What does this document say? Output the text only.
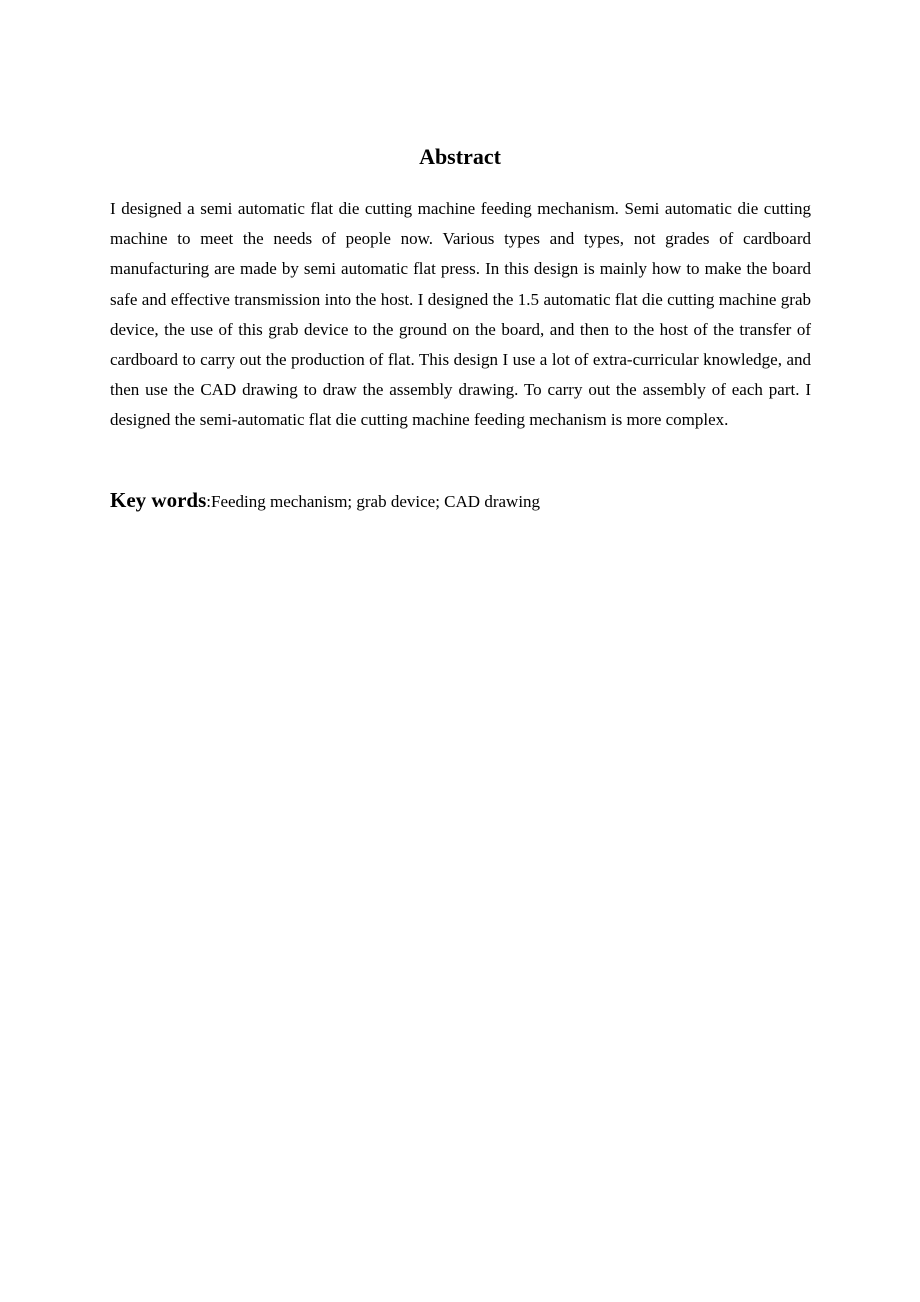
Abstract

I designed a semi automatic flat die cutting machine feeding mechanism. Semi automatic die cutting machine to meet the needs of people now. Various types and types, not grades of cardboard manufacturing are made by semi automatic flat press. In this design is mainly how to make the board safe and effective transmission into the host. I designed the 1.5 automatic flat die cutting machine grab device, the use of this grab device to the ground on the board, and then to the host of the transfer of cardboard to carry out the production of flat. This design I use a lot of extra-curricular knowledge, and then use the CAD drawing to draw the assembly drawing. To carry out the assembly of each part. I designed the semi-automatic flat die cutting machine feeding mechanism is more complex.

Key words:Feeding mechanism; grab device; CAD drawing
